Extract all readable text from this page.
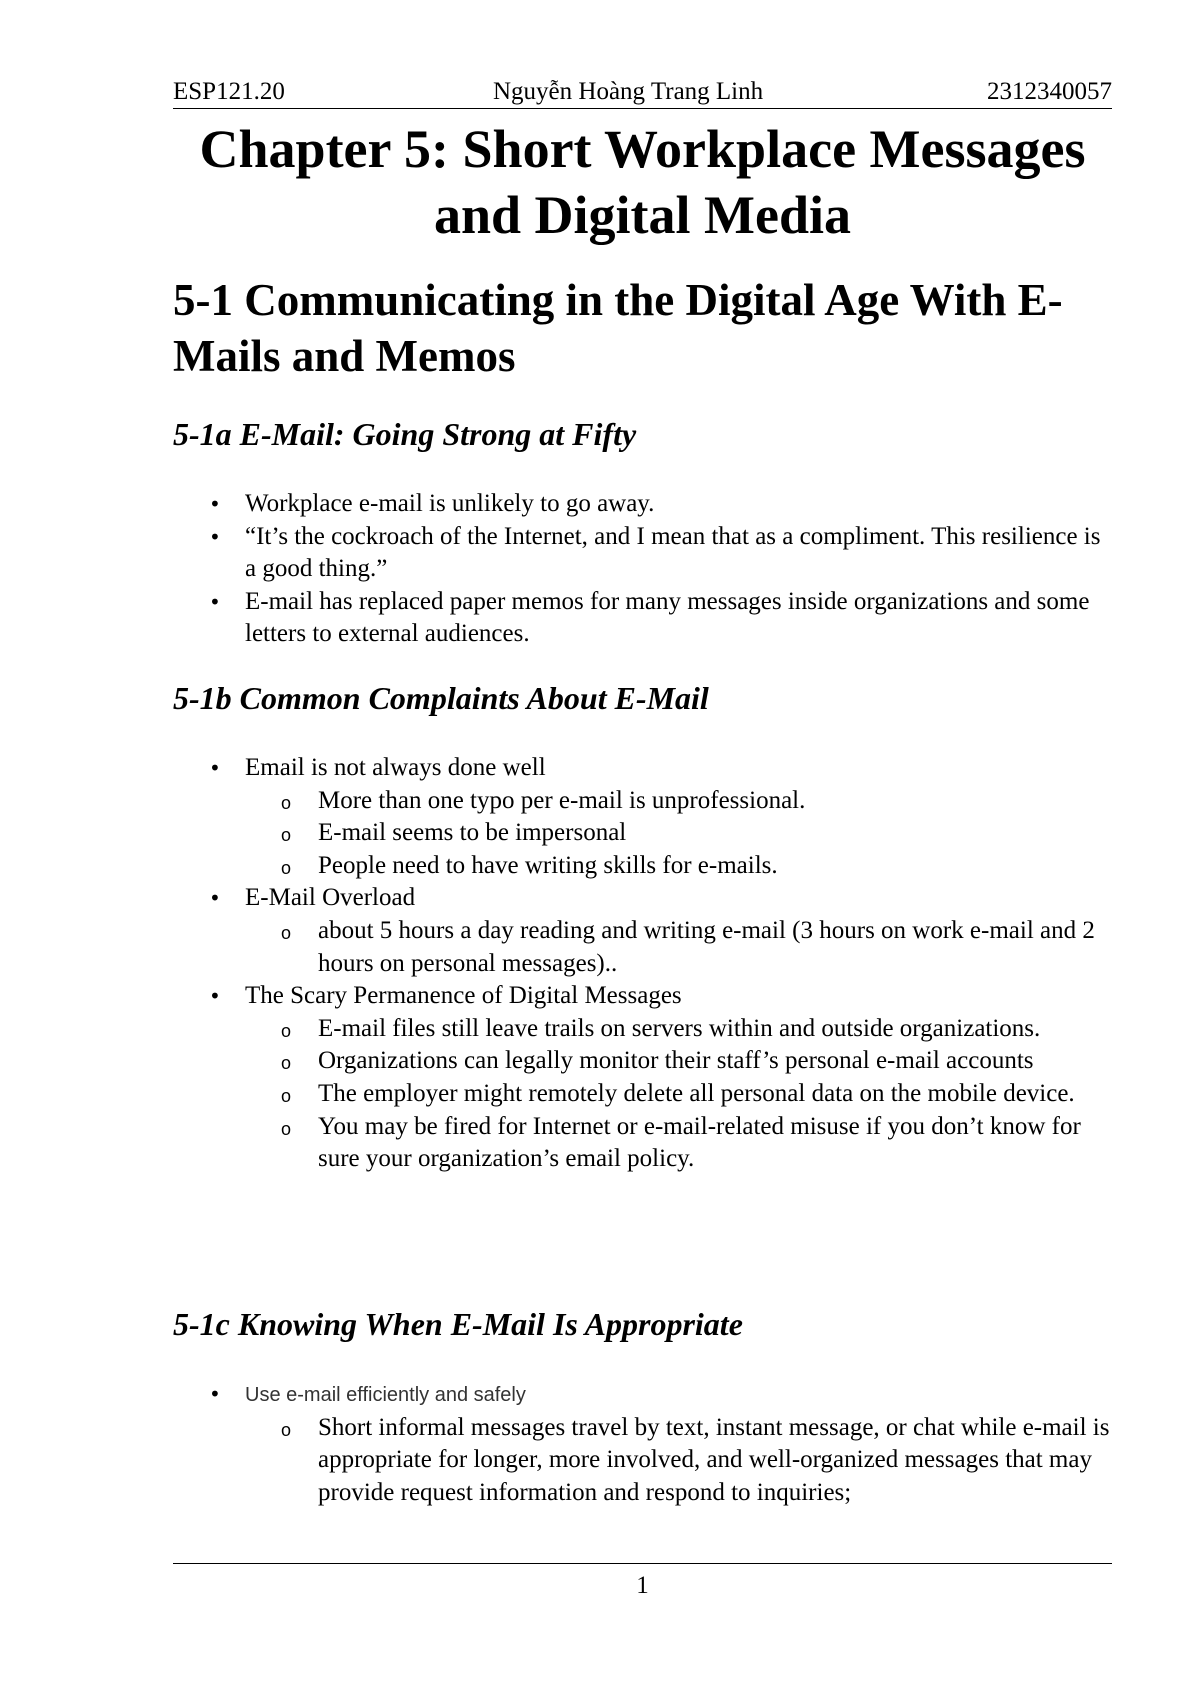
ESP121.20	Nguyễn Hoàng Trang Linh	2312340057
Chapter 5: Short Workplace Messages and Digital Media
5-1 Communicating in the Digital Age With E-Mails and Memos
5-1a E-Mail: Going Strong at Fifty
• Workplace e-mail is unlikely to go away.
• “It’s the cockroach of the Internet, and I mean that as a compliment. This resilience is a good thing.”
• E-mail has replaced paper memos for many messages inside organizations and some letters to external audiences.
5-1b Common Complaints About E-Mail
• Email is not always done well
o More than one typo per e-mail is unprofessional.
o E-mail seems to be impersonal
o People need to have writing skills for e-mails.
• E-Mail Overload
o about 5 hours a day reading and writing e-mail (3 hours on work e-mail and 2 hours on personal messages)..
• The Scary Permanence of Digital Messages
o E-mail files still leave trails on servers within and outside organizations.
o Organizations can legally monitor their staff’s personal e-mail accounts
o The employer might remotely delete all personal data on the mobile device.
o You may be fired for Internet or e-mail-related misuse if you don’t know for sure your organization’s email policy.
5-1c Knowing When E-Mail Is Appropriate
• Use e-mail efficiently and safely
o Short informal messages travel by text, instant message, or chat while e-mail is appropriate for longer, more involved, and well-organized messages that may provide request information and respond to inquiries;
1
